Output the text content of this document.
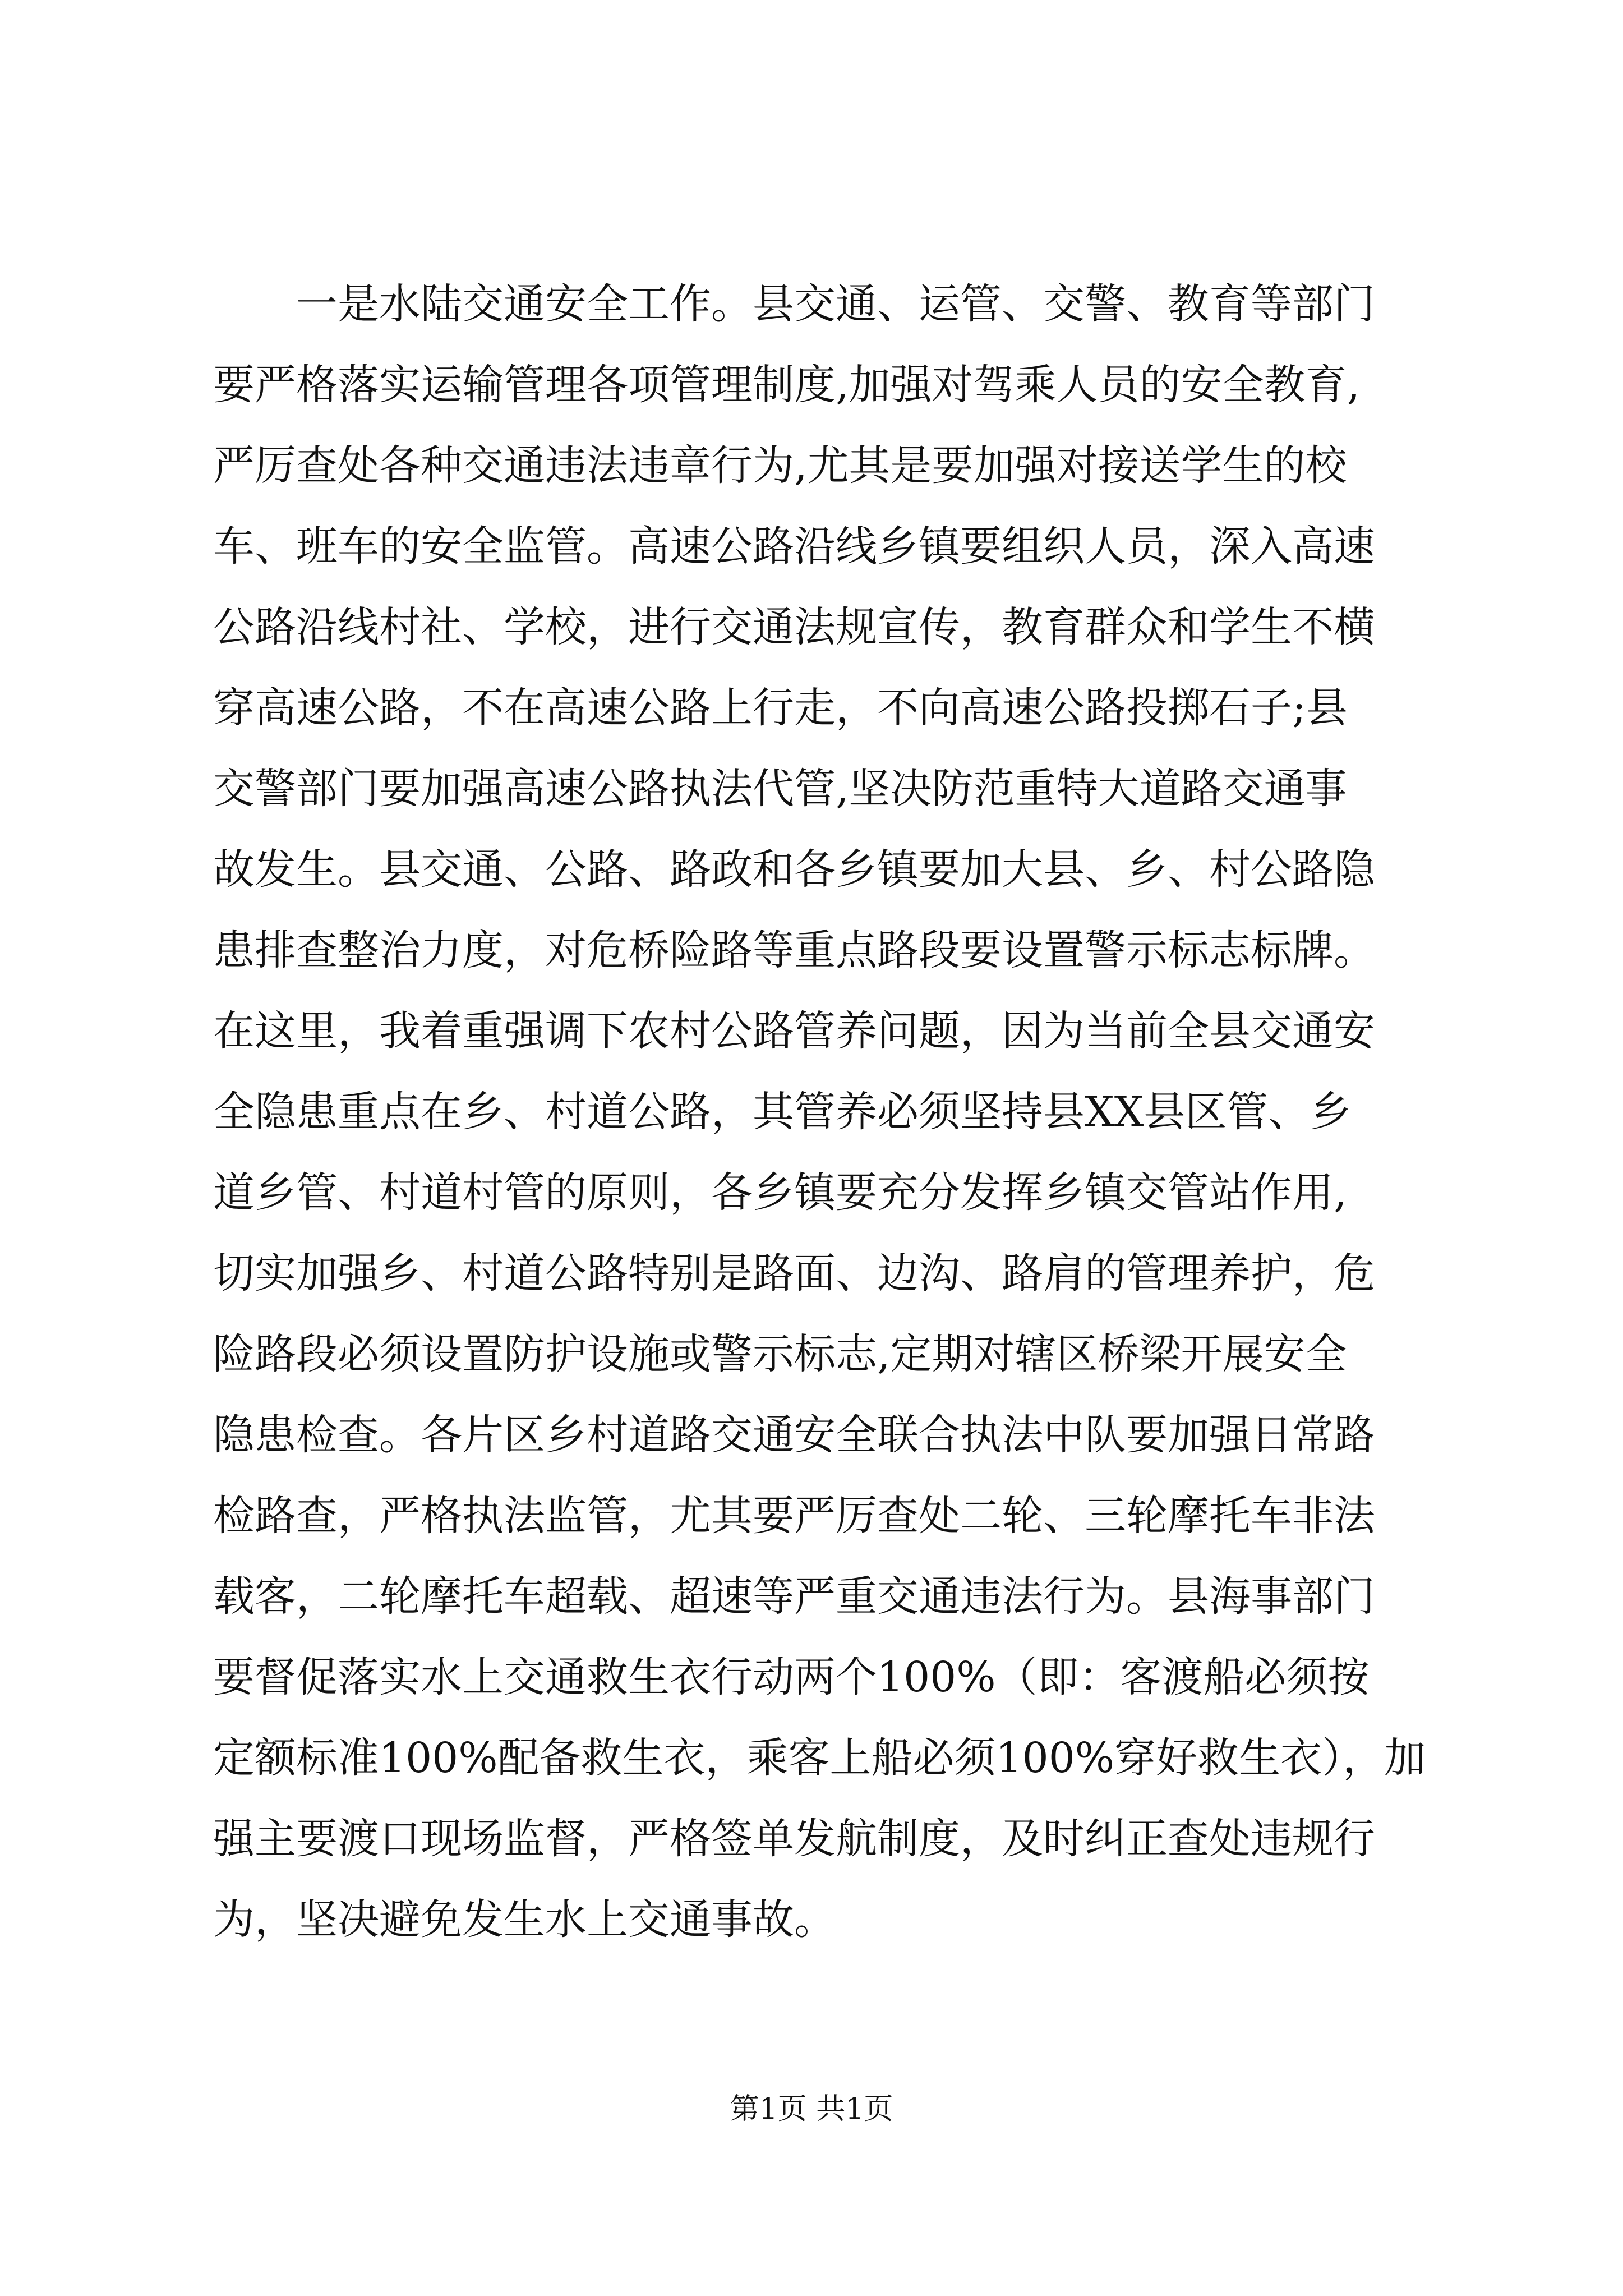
一是水陆交通安全工作。县交通、运管、交警、教育等部门
要严格落实运输管理各项管理制度,加强对驾乘人员的安全教育,
严厉查处各种交通违法违章行为,尤其是要加强对接送学生的校
车、班车的安全监管。高速公路沿线乡镇要组织人员，深入高速
公路沿线村社、学校，进行交通法规宣传，教育群众和学生不横
穿高速公路，不在高速公路上行走，不向高速公路投掷石子;县
交警部门要加强高速公路执法代管,坚决防范重特大道路交通事
故发生。县交通、公路、路政和各乡镇要加大县、乡、村公路隐
患排查整治力度，对危桥险路等重点路段要设置警示标志标牌。
在这里，我着重强调下农村公路管养问题，因为当前全县交通安
全隐患重点在乡、村道公路，其管养必须坚持县XX县区管、乡
道乡管、村道村管的原则，各乡镇要充分发挥乡镇交管站作用,
切实加强乡、村道公路特别是路面、边沟、路肩的管理养护，危
险路段必须设置防护设施或警示标志,定期对辖区桥梁开展安全
隐患检查。各片区乡村道路交通安全联合执法中队要加强日常路
检路查，严格执法监管，尤其要严厉查处二轮、三轮摩托车非法
载客，二轮摩托车超载、超速等严重交通违法行为。县海事部门
要督促落实水上交通救生衣行动两个100%（即：客渡船必须按
定额标准100%配备救生衣，乘客上船必须100%穿好救生衣），加
强主要渡口现场监督，严格签单发航制度，及时纠正查处违规行
为，坚决避免发生水上交通事故。
第1页 共1页
